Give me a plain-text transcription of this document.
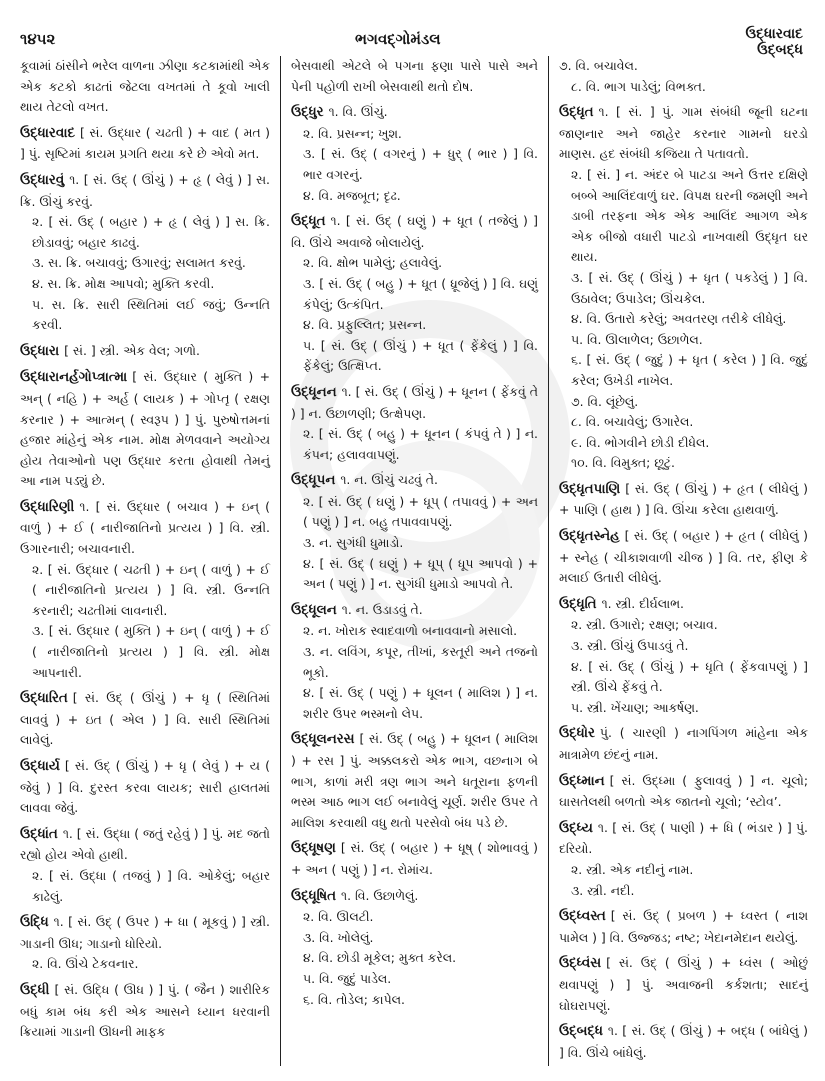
૧૪૫૨	ભગવદ્ગોમંડલ	ઉદ્ધારવાદ
ઉદ્બદ્ધ
કૂવામાં ઠાંસીને ભરેલ વાળના ઝીણા કટકામાંથી એક એક કટકો કાઢતાં જેટલા વખતમાં તે કૂવો ખાલી થાય તેટલો વખત.
ઉદ્ધારવાદ [ સં. ઉદ્ધાર ( ચઢતી ) + વાદ ( મત ) ] પું. સૃષ્ટિમાં કાયમ પ્રગતિ થયા કરે છે એવો મત.
ઉદ્ધારવું ૧. [ સં. ઉદ્ ( ઊંચું ) + હૃ ( લેવું ) ] સ. ક્રિ. ઊંચું કરવું.
૨. [ સં. ઉદ્ ( બહાર ) + હૃ ( લેવું ) ] સ. ક્રિ. છોડાવવું; બહાર કાઢવું.
૩. સ. ક્રિ. બચાવવું; ઉગારવું; સલામત કરવું.
૪. સ. ક્રિ. મોક્ષ આપવો; મુક્તિ કરવી.
૫. સ. ક્રિ. સારી સ્થિતિમાં લઈ જવું; ઉન્નતિ કરવી.
ઉદ્ધારા [ સં. ] સ્ત્રી. એક વેલ; ગળો.
ઉદ્ધારાનર્હગોપ્ત્રાત્મા [ સં. ઉદ્ધાર ( મુક્તિ ) + અન્ ( નહિ ) + અર્હ ( લાયક ) + ગોપ્તૃ ( રક્ષણ કરનાર ) + આત્મન્ ( સ્વરૂપ ) ] પું. પુરુષોત્તમનાં હજાર માંહેનું એક નામ. મોક્ષ મેળવવાને અયોગ્ય હોય તેવાઓનો પણ ઉદ્ધાર કરતા હોવાથી તેમનું આ નામ પડ્યું છે.
ઉદ્ધારિણી ૧. [ સં. ઉદ્ધાર ( બચાવ ) + ઇન્ ( વાળું ) + ઈ ( નારીજાતિનો પ્રત્યય ) ] વિ. સ્ત્રી. ઉગારનારી; બચાવનારી.
૨. [ સં. ઉદ્ધાર ( ચઢતી ) + ઇન્ ( વાળું ) + ઈ ( નારીજાતિનો પ્રત્યય ) ] વિ. સ્ત્રી. ઉન્નતિ કરનારી; ચઢતીમાં લાવનારી.
૩. [ સં. ઉદ્ધાર ( મુક્તિ ) + ઇન્ ( વાળું ) + ઈ ( નારીજાતિનો પ્રત્યય ) ] વિ. સ્ત્રી. મોક્ષ આપનારી.
ઉદ્ધારિત [ સં. ઉદ્ ( ઊંચું ) + ધૃ ( સ્થિતિમાં લાવવું ) + ઇત ( એલ ) ] વિ. સારી સ્થિતિમાં લાવેલું.
ઉદ્ધાર્ય [ સં. ઉદ્ ( ઊંચું ) + ધૃ ( લેવું ) + ય ( જેવું ) ] વિ. દુરસ્ત કરવા લાયક; સારી હાલતમાં લાવવા જેવું.
ઉદ્ધાંત ૧. [ સં. ઉદ્ધા ( જતું રહેવું ) ] પું. મદ જતો રહ્યો હોય એવો હાથી.
૨. [ સં. ઉદ્ધા ( તજવું ) ] વિ. ઓકેલું; બહાર કાઢેલું.
ઉદ્ધિ ૧. [ સં. ઉદ્ ( ઉપર ) + ધા ( મૂકવું ) ] સ્ત્રી. ગાડાની ઊધ; ગાડાનો ધોરિયો.
૨. વિ. ઊંચે ટેકવનાર.
ઉદ્ધી [ સં. ઉદ્ધિ ( ઊધ ) ] પું. ( જૈન ) શારીરિક બધું કામ બંધ કરી એક આસને ધ્યાન ધરવાની ક્રિયામાં ગાડાની ઊધની માફક
બેસવાથી એટલે બે પગના ફણા પાસે પાસે અને પેની પહોળી રાખી બેસવાથી થતો દોષ.
ઉદ્ધુર ૧. વિ. ઊંચું.
૨. વિ. પ્રસન્ન; ખુશ.
૩. [ સં. ઉદ્ ( વગરનું ) + ધુર્ ( ભાર ) ] વિ. ભાર વગરનું.
૪. વિ. મજબૂત; દૃઢ.
ઉદ્ધૂત ૧. [ સં. ઉદ્ ( ઘણું ) + ધૂત ( તજેલું ) ] વિ. ઊંચે અવાજે બોલાયેલું.
૨. વિ. ક્ષોભ પામેલું; હલાવેલું.
૩. [ સં. ઉદ્ ( બહુ ) + ધૂત ( ધ્રૂજેલું ) ] વિ. ઘણું કંપેલું; ઉત્કંપિત.
૪. વિ. પ્રફુલ્લિત; પ્રસન્ન.
૫. [ સં. ઉદ્ ( ઊંચું ) + ધૂત ( ફેંકેલું ) ] વિ. ફેંકેલું; ઉત્ક્ષિપ્ત.
ઉદ્ધૂનન ૧. [ સં. ઉદ્ ( ઊંચું ) + ધૂનન ( ફેંકવું તે ) ] ન. ઉછાળણી; ઉત્ક્ષેપણ.
૨. [ સં. ઉદ્ ( બહુ ) + ધૂનન ( કંપવું તે ) ] ન. કંપન; હલાવવાપણું.
ઉદ્ધૂપન ૧. ન. ઊંચું ચઢવું તે.
૨. [ સં. ઉદ્ ( ઘણું ) + ધૂપ્ ( તપાવવું ) + અન ( પણું ) ] ન. બહુ તપાવવાપણું.
૩. ન. સુગંધી ધુમાડો.
૪. [ સં. ઉદ્ ( ઘણું ) + ધૂપ્ ( ધૂપ આપવો ) + અન ( પણું ) ] ન. સુગંધી ધુમાડો આપવો તે.
ઉદ્ધૂલન ૧. ન. ઉડાડવું તે.
૨. ન. ખોરાક સ્વાદવાળો બનાવવાનો મસાલો.
૩. ન. લવિંગ, કપૂર, તીખાં, કસ્તૂરી અને તજનો ભૂકો.
૪. [ સં. ઉદ્ ( પણું ) + ધૂલન ( માલિશ ) ] ન. શરીર ઉપર ભસ્મનો લેપ.
ઉદ્ધૂલનરસ [ સં. ઉદ્ ( બહુ ) + ધૂલન ( માલિશ ) + રસ ] પું. અક્કલકરો એક ભાગ, વછનાગ બે ભાગ, કાળાં મરી ત્રણ ભાગ અને ધતૂરાના ફળની ભસ્મ આઠ ભાગ લઈ બનાવેલું ચૂર્ણ. શરીર ઉપર તે માલિશ કરવાથી વધુ થતો પરસેવો બંધ પડે છે.
ઉદ્ધૂષણ [ સં. ઉદ્ ( બહાર ) + ધૂષ્ ( શોભાવવું ) + અન ( પણું ) ] ન. રોમાંચ.
ઉદ્ધૂષિત ૧. વિ. ઉછાળેલું.
૨. વિ. ઊલટી.
૩. વિ. ખોલેલું.
૪. વિ. છોડી મૂકેલ; મુક્ત કરેલ.
૫. વિ. જુદું પાડેલ.
૬. વિ. તોડેલ; કાપેલ.
૭. વિ. બચાવેલ.
૮. વિ. ભાગ પાડેલું; વિભક્ત.
ઉદ્ધૃત ૧. [ સં. ] પું. ગામ સંબંધી જૂની ઘટના જાણનાર અને જાહેર કરનાર ગામનો ઘરડો માણસ. હદ સંબંધી કજિયા તે પતાવતો.
૨. [ સં. ] ન. અંદર બે પાટડા અને ઉત્તર દક્ષિણે બબ્બે આલિંદવાળું ઘર. વિપક્ષ ઘરની જમણી અને ડાબી તરફના એક એક આલિંદ આગળ એક એક બીજો વધારી પાટડો નાખવાથી ઉદ્ધૃત ઘર થાય.
૩. [ સં. ઉદ્ ( ઊંચું ) + ધૃત ( પકડેલું ) ] વિ. ઉઠાવેલ; ઉપાડેલ; ઊંચકેલ.
૪. વિ. ઉતારો કરેલું; અવતરણ તરીકે લીધેલું.
૫. વિ. ઊલાળેલ; ઉછાળેલ.
૬. [ સં. ઉદ્ ( જુદું ) + ધૃત ( કરેલ ) ] વિ. જુદું કરેલ; ઉખેડી નાખેલ.
૭. વિ. લૂંછેલું.
૮. વિ. બચાવેલું; ઉગારેલ.
૯. વિ. ભોગવીને છોડી દીધેલ.
૧૦. વિ. વિમુક્ત; છૂટું.
ઉદ્ધૃતપાણિ [ સં. ઉદ્ ( ઊંચું ) + હૃત ( લીધેલું ) + પાણિ ( હાથ ) ] વિ. ઊંચા કરેલા હાથવાળું.
ઉદ્ધૃતસ્નેહ [ સં. ઉદ્ ( બહાર ) + હૃત ( લીધેલું ) + સ્નેહ ( ચીકાશવાળી ચીજ ) ] વિ. તર, ફીણ કે મલાઈ ઉતારી લીધેલું.
ઉદ્ધૃતિ ૧. સ્ત્રી. દીર્ઘલાભ.
૨. સ્ત્રી. ઉગારો; રક્ષણ; બચાવ.
૩. સ્ત્રી. ઊંચું ઉપાડવું તે.
૪. [ સં. ઉદ્ ( ઊંચું ) + ધૃતિ ( ફેંકવાપણું ) ] સ્ત્રી. ઊંચે ફેંકવું તે.
૫. સ્ત્રી. ખેંચાણ; આકર્ષણ.
ઉદ્ધોર પું. ( ચારણી ) નાગપિંગળ માંહેના એક માત્રામેળ છંદનું નામ.
ઉદ્ધ્માન [ સં. ઉદ્ધ્મા ( ફુલાવવું ) ] ન. ચૂલો; ઘાસતેલથી બળતો એક જાતનો ચૂલો; ‘સ્ટોવ’.
ઉદ્ધ્ય ૧. [ સં. ઉદ્ ( પાણી ) + ધિ ( ભંડાર ) ] પું. દરિયો.
૨. સ્ત્રી. એક નદીનું નામ.
૩. સ્ત્રી. નદી.
ઉદ્ધ્વસ્ત [ સં. ઉદ્ ( પ્રબળ ) + ધ્વસ્ત ( નાશ પામેલ ) ] વિ. ઉજ્જડ; નષ્ટ; ખેદાનમેદાન થયેલું.
ઉદ્ધ્વંસ [ સં. ઉદ્ ( ઊંચું ) + ધ્વંસ ( ઓછું થવાપણું ) ] પું. અવાજની કર્કશતા; સાદનું ઘોઘરાપણું.
ઉદ્બદ્ધ ૧. [ સં. ઉદ્ ( ઊંચું ) + બદ્ધ ( બાંધેલું ) ] વિ. ઊંચે બાંધેલું.
